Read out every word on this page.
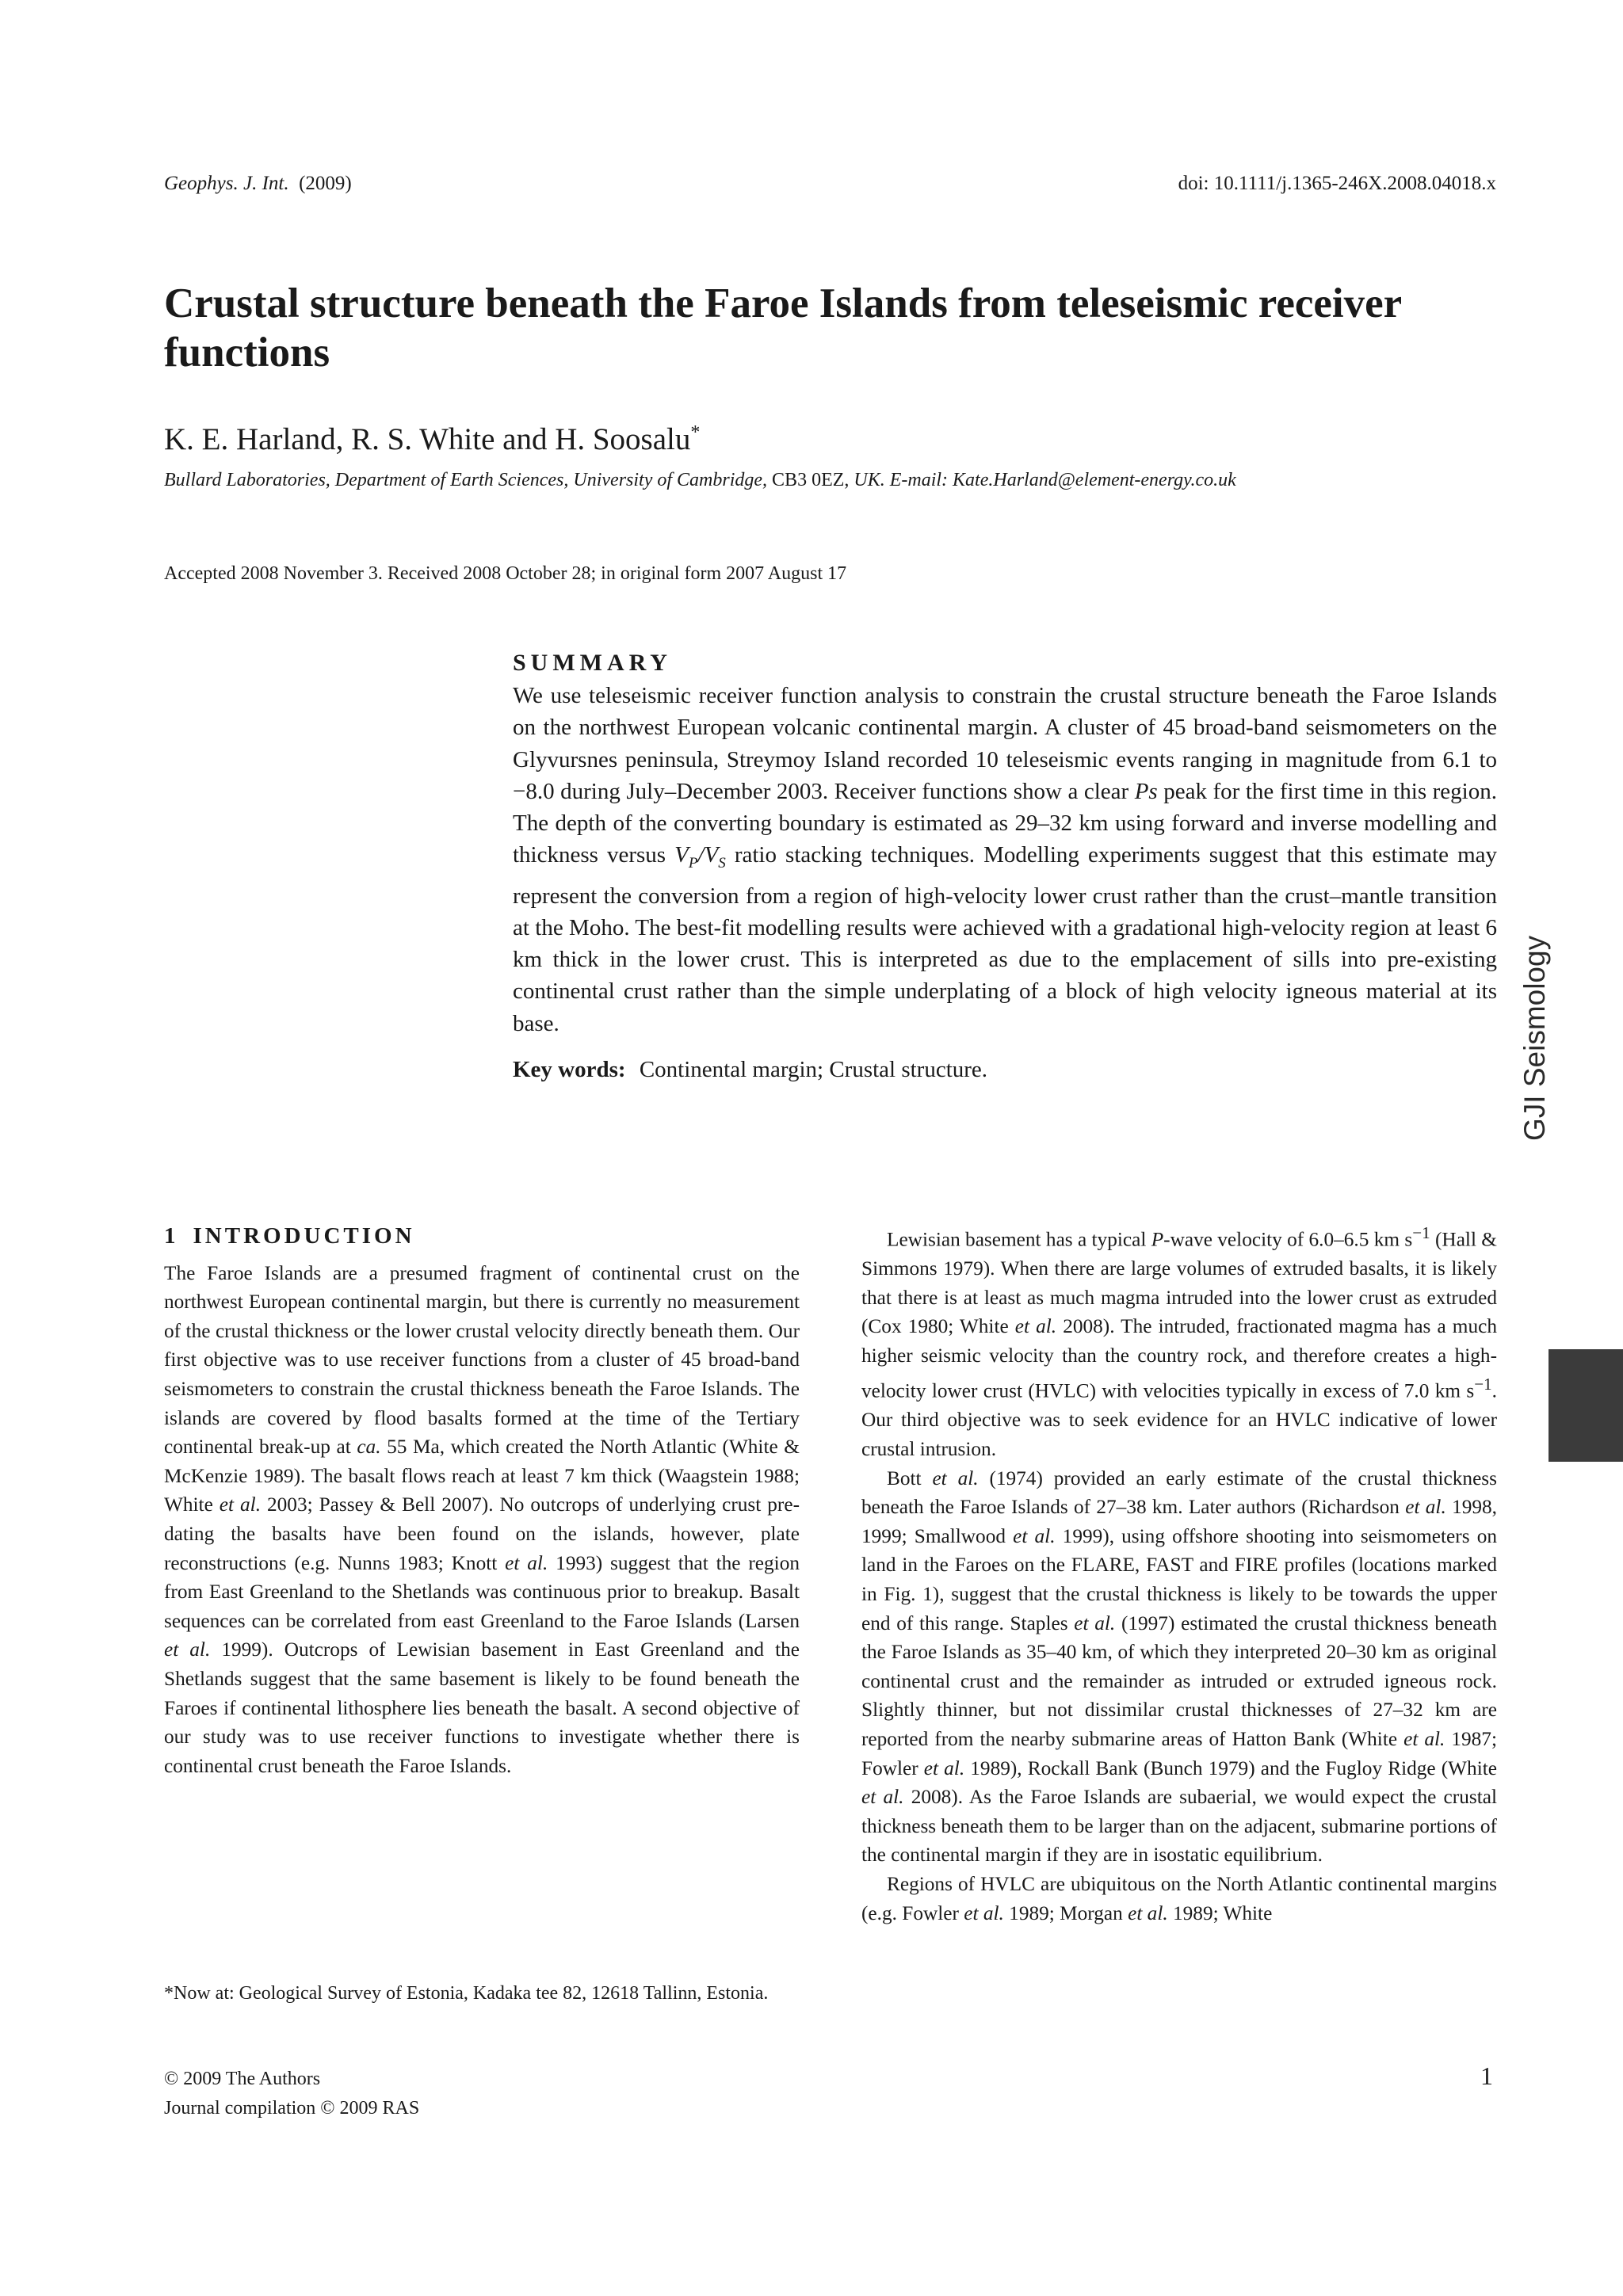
Geophys. J. Int. (2009)	doi: 10.1111/j.1365-246X.2008.04018.x
Crustal structure beneath the Faroe Islands from teleseismic receiver functions
K. E. Harland, R. S. White and H. Soosalu*
Bullard Laboratories, Department of Earth Sciences, University of Cambridge, CB3 0EZ, UK. E-mail: Kate.Harland@element-energy.co.uk
Accepted 2008 November 3. Received 2008 October 28; in original form 2007 August 17
SUMMARY

We use teleseismic receiver function analysis to constrain the crustal structure beneath the Faroe Islands on the northwest European volcanic continental margin. A cluster of 45 broad-band seismometers on the Glyvursnes peninsula, Streymoy Island recorded 10 teleseismic events ranging in magnitude from 6.1 to −8.0 during July–December 2003. Receiver functions show a clear Ps peak for the first time in this region. The depth of the converting boundary is estimated as 29–32 km using forward and inverse modelling and thickness versus $V_P/V_S$ ratio stacking techniques. Modelling experiments suggest that this estimate may represent the conversion from a region of high-velocity lower crust rather than the crust–mantle transition at the Moho. The best-fit modelling results were achieved with a gradational high-velocity region at least 6 km thick in the lower crust. This is interpreted as due to the emplacement of sills into pre-existing continental crust rather than the simple underplating of a block of high velocity igneous material at its base.

Key words: Continental margin; Crustal structure.
1 INTRODUCTION

The Faroe Islands are a presumed fragment of continental crust on the northwest European continental margin, but there is currently no measurement of the crustal thickness or the lower crustal velocity directly beneath them. Our first objective was to use receiver functions from a cluster of 45 broad-band seismometers to constrain the crustal thickness beneath the Faroe Islands. The islands are covered by flood basalts formed at the time of the Tertiary continental break-up at ca. 55 Ma, which created the North Atlantic (White & McKenzie 1989). The basalt flows reach at least 7 km thick (Waagstein 1988; White et al. 2003; Passey & Bell 2007). No outcrops of underlying crust pre-dating the basalts have been found on the islands, however, plate reconstructions (e.g. Nunns 1983; Knott et al. 1993) suggest that the region from East Greenland to the Shetlands was continuous prior to breakup. Basalt sequences can be correlated from east Greenland to the Faroe Islands (Larsen et al. 1999). Outcrops of Lewisian basement in East Greenland and the Shetlands suggest that the same basement is likely to be found beneath the Faroes if continental lithosphere lies beneath the basalt. A second objective of our study was to use receiver functions to investigate whether there is continental crust beneath the Faroe Islands.

*Now at: Geological Survey of Estonia, Kadaka tee 82, 12618 Tallinn, Estonia.

Lewisian basement has a typical P-wave velocity of 6.0–6.5 km $s^{-1}$ (Hall & Simmons 1979). When there are large volumes of extruded basalts, it is likely that there is at least as much magma intruded into the lower crust as extruded (Cox 1980; White et al. 2008). The intruded, fractionated magma has a much higher seismic velocity than the country rock, and therefore creates a high-velocity lower crust (HVLC) with velocities typically in excess of 7.0 km $s^{-1}$. Our third objective was to seek evidence for an HVLC indicative of lower crustal intrusion.

Bott et al. (1974) provided an early estimate of the crustal thickness beneath the Faroe Islands of 27–38 km. Later authors (Richardson et al. 1998, 1999; Smallwood et al. 1999), using offshore shooting into seismometers on land in the Faroes on the FLARE, FAST and FIRE profiles (locations marked in Fig. 1), suggest that the crustal thickness is likely to be towards the upper end of this range. Staples et al. (1997) estimated the crustal thickness beneath the Faroe Islands as 35–40 km, of which they interpreted 20–30 km as original continental crust and the remainder as intruded or extruded igneous rock. Slightly thinner, but not dissimilar crustal thicknesses of 27–32 km are reported from the nearby submarine areas of Hatton Bank (White et al. 1987; Fowler et al. 1989), Rockall Bank (Bunch 1979) and the Fugloy Ridge (White et al. 2008). As the Faroe Islands are subaerial, we would expect the crustal thickness beneath them to be larger than on the adjacent, submarine portions of the continental margin if they are in isostatic equilibrium.

Regions of HVLC are ubiquitous on the North Atlantic continental margins (e.g. Fowler et al. 1989; Morgan et al. 1989; White

© 2009 The Authors
Journal compilation © 2009 RAS
1
GJI Seismology
